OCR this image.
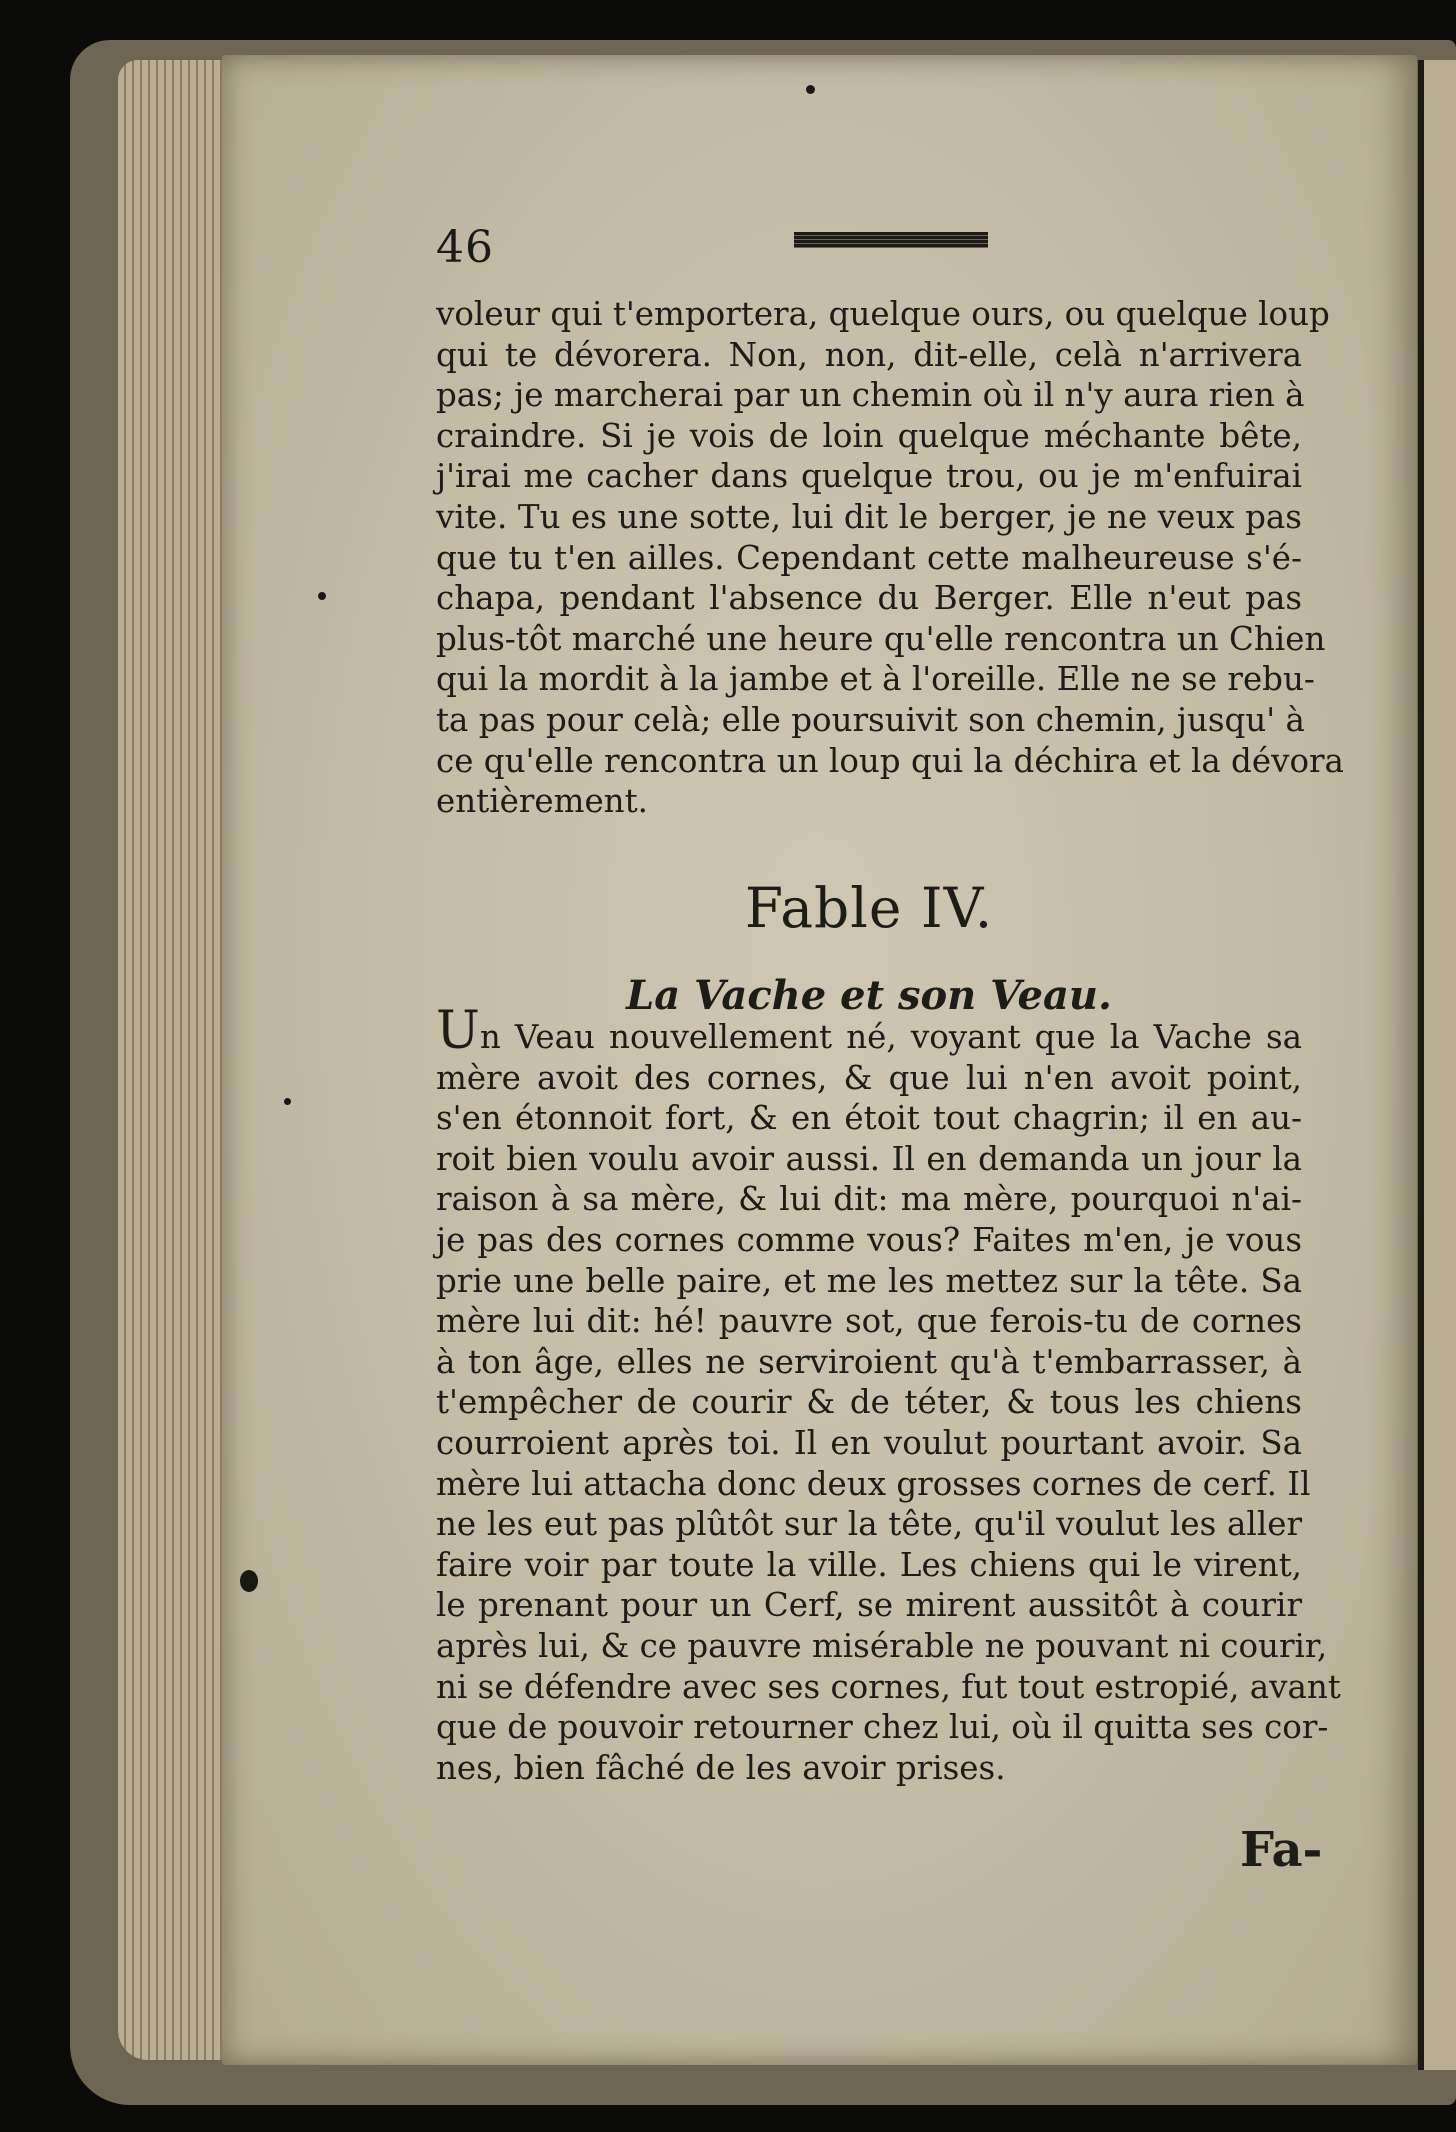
46
voleur qui t'emportera, quelque ours, ou quelque loup
qui te dévorera. Non, non, dit-elle, celà n'arrivera
pas; je marcherai par un chemin où il n'y aura rien à
craindre. Si je vois de loin quelque méchante bête,
j'irai me cacher dans quelque trou, ou je m'enfuirai
vite. Tu es une sotte, lui dit le berger, je ne veux pas
que tu t'en ailles. Cependant cette malheureuse s'é-
chapa, pendant l'absence du Berger. Elle n'eut pas
plus-tôt marché une heure qu'elle rencontra un Chien
qui la mordit à la jambe et à l'oreille. Elle ne se rebu-
ta pas pour celà; elle poursuivit son chemin, jusqu' à
ce qu'elle rencontra un loup qui la déchira et la dévora
entièrement.
Fable IV.
La Vache et son Veau.
Un Veau nouvellement né, voyant que la Vache sa
mère avoit des cornes, & que lui n'en avoit point,
s'en étonnoit fort, & en étoit tout chagrin; il en au-
roit bien voulu avoir aussi. Il en demanda un jour la
raison à sa mère, & lui dit: ma mère, pourquoi n'ai-
je pas des cornes comme vous? Faites m'en, je vous
prie une belle paire, et me les mettez sur la tête. Sa
mère lui dit: hé! pauvre sot, que ferois-tu de cornes
à ton âge, elles ne serviroient qu'à t'embarrasser, à
t'empêcher de courir & de téter, & tous les chiens
courroient après toi. Il en voulut pourtant avoir. Sa
mère lui attacha donc deux grosses cornes de cerf. Il
ne les eut pas plûtôt sur la tête, qu'il voulut les aller
faire voir par toute la ville. Les chiens qui le virent,
le prenant pour un Cerf, se mirent aussitôt à courir
après lui, & ce pauvre misérable ne pouvant ni courir,
ni se défendre avec ses cornes, fut tout estropié, avant
que de pouvoir retourner chez lui, où il quitta ses cor-
nes, bien fâché de les avoir prises.
Fa-
